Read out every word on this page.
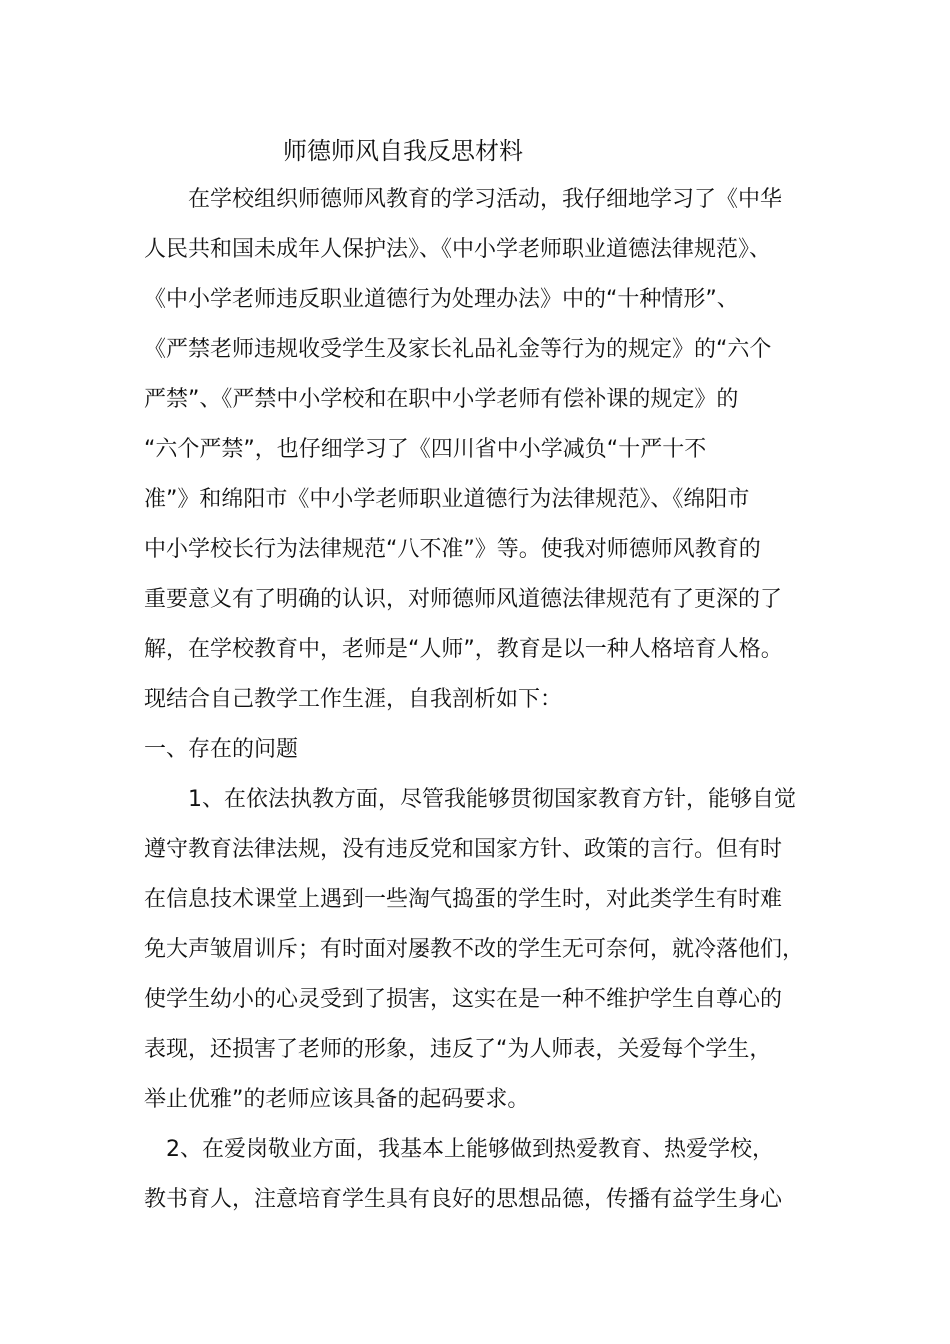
师德师风自我反思材料
　　在学校组织师德师风教育的学习活动，我仔细地学习了《中华
人民共和国未成年人保护法》、《中小学老师职业道德法律规范》、
《中小学老师违反职业道德行为处理办法》中的“十种情形”、
《严禁老师违规收受学生及家长礼品礼金等行为的规定》的“六个
严禁”、《严禁中小学校和在职中小学老师有偿补课的规定》的
“六个严禁”，也仔细学习了《四川省中小学减负“十严十不
准”》和绵阳市《中小学老师职业道德行为法律规范》、《绵阳市
中小学校长行为法律规范“八不准”》等。使我对师德师风教育的
重要意义有了明确的认识，对师德师风道德法律规范有了更深的了
解，在学校教育中，老师是“人师”，教育是以一种人格培育人格。
现结合自己教学工作生涯，自我剖析如下：
一、存在的问题
　　1、在依法执教方面，尽管我能够贯彻国家教育方针，能够自觉
遵守教育法律法规，没有违反党和国家方针、政策的言行。但有时
在信息技术课堂上遇到一些淘气捣蛋的学生时，对此类学生有时难
免大声皱眉训斥；有时面对屡教不改的学生无可奈何，就冷落他们，
使学生幼小的心灵受到了损害，这实在是一种不维护学生自尊心的
表现，还损害了老师的形象，违反了“为人师表，关爱每个学生，
举止优雅”的老师应该具备的起码要求。
　2、在爱岗敬业方面，我基本上能够做到热爱教育、热爱学校，
教书育人，注意培育学生具有良好的思想品德，传播有益学生身心
